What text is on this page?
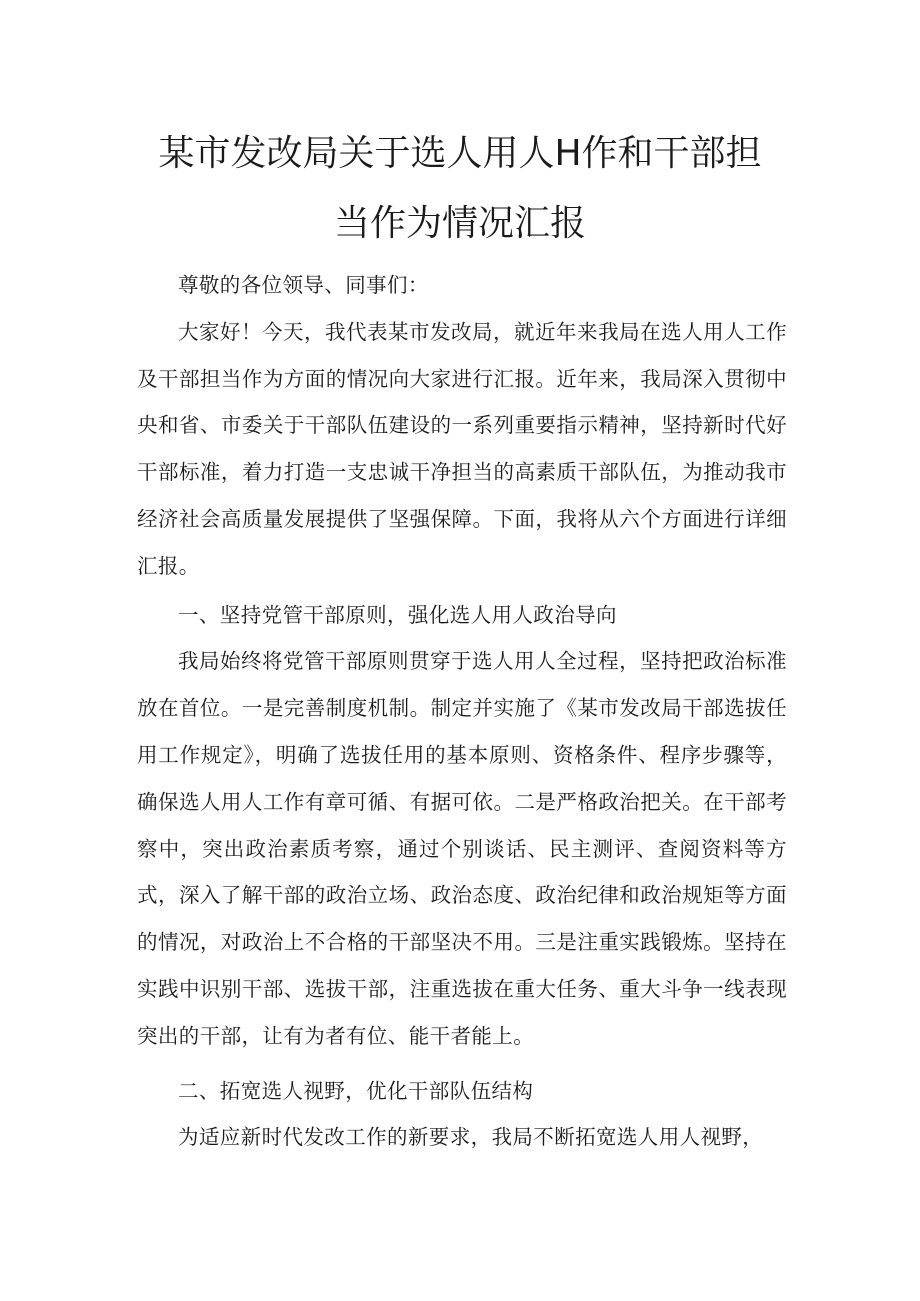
某市发改局关于选人用人H作和干部担
当作为情况汇报

尊敬的各位领导、同事们：

大家好！今天，我代表某市发改局，就近年来我局在选人用人工作及干部担当作为方面的情况向大家进行汇报。近年来，我局深入贯彻中央和省、市委关于干部队伍建设的一系列重要指示精神，坚持新时代好干部标准，着力打造一支忠诚干净担当的高素质干部队伍，为推动我市经济社会高质量发展提供了坚强保障。下面，我将从六个方面进行详细汇报。

一、坚持党管干部原则，强化选人用人政治导向

我局始终将党管干部原则贯穿于选人用人全过程，坚持把政治标准放在首位。一是完善制度机制。制定并实施了《某市发改局干部选拔任用工作规定》，明确了选拔任用的基本原则、资格条件、程序步骤等，确保选人用人工作有章可循、有据可依。二是严格政治把关。在干部考察中，突出政治素质考察，通过个别谈话、民主测评、查阅资料等方式，深入了解干部的政治立场、政治态度、政治纪律和政治规矩等方面的情况，对政治上不合格的干部坚决不用。三是注重实践锻炼。坚持在实践中识别干部、选拔干部，注重选拔在重大任务、重大斗争一线表现突出的干部，让有为者有位、能干者能上。

二、拓宽选人视野，优化干部队伍结构

为适应新时代发改工作的新要求，我局不断拓宽选人用人视野，
